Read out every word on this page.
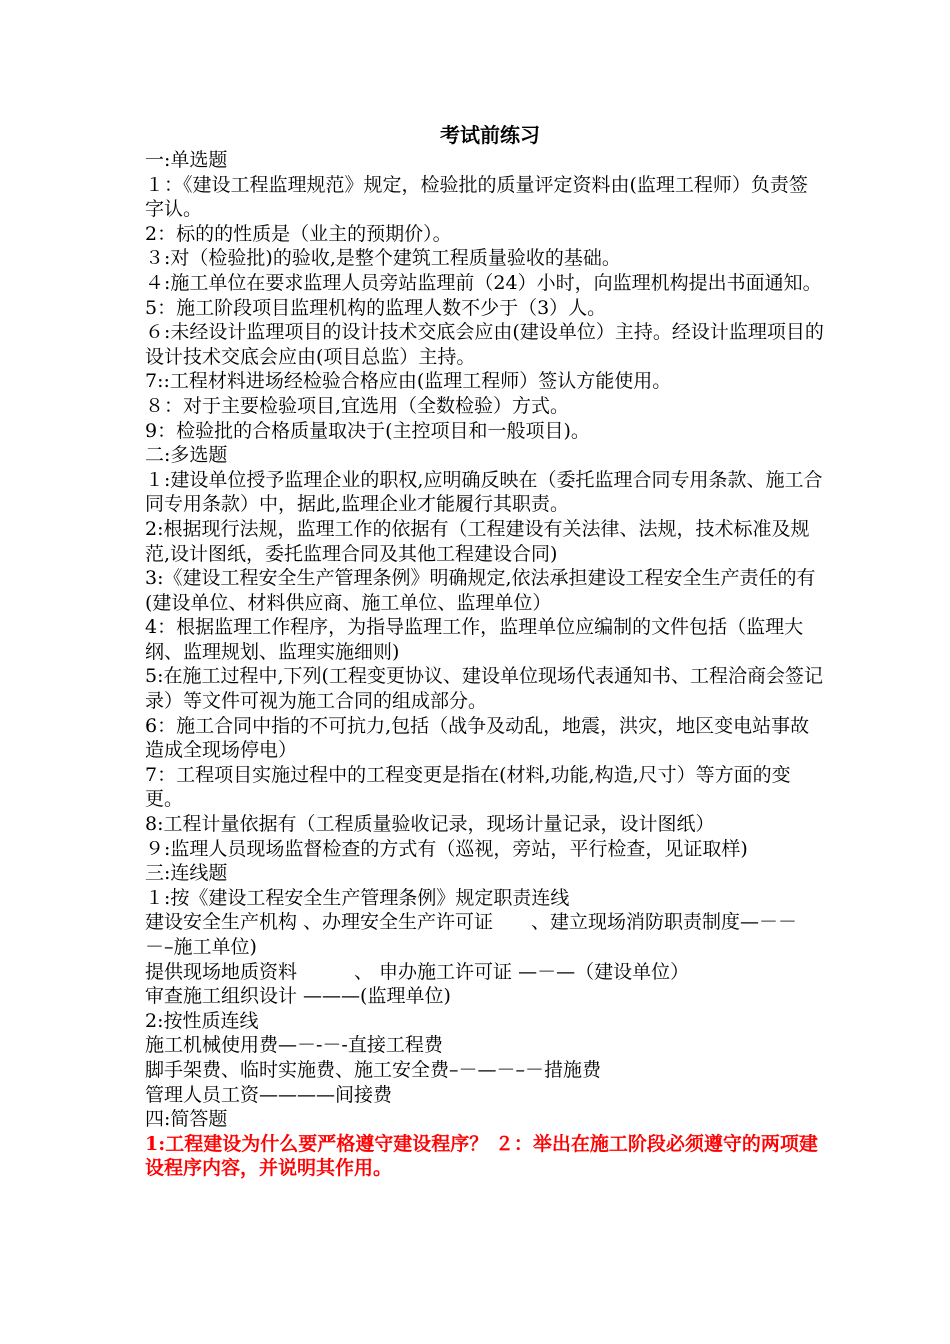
考试前练习
一:单选题
１：《建设工程监理规范》规定，检验批的质量评定资料由(监理工程师）负责签字认。
2：标的的性质是（业主的预期价）。
３:对（检验批)的验收,是整个建筑工程质量验收的基础。
４:施工单位在要求监理人员旁站监理前（24）小时，向监理机构提出书面通知。
5：施工阶段项目监理机构的监理人数不少于（3）人。
６:未经设计监理项目的设计技术交底会应由(建设单位）主持。经设计监理项目的设计技术交底会应由(项目总监）主持。
7::工程材料进场经检验合格应由(监理工程师）签认方能使用。
８：对于主要检验项目,宜选用（全数检验）方式。
9：检验批的合格质量取决于(主控项目和一般项目)。
二:多选题
１:建设单位授予监理企业的职权,应明确反映在（委托监理合同专用条款、施工合同专用条款）中，据此,监理企业才能履行其职责。
2:根据现行法规，监理工作的依据有（工程建设有关法律、法规，技术标准及规范,设计图纸，委托监理合同及其他工程建设合同)
3:《建设工程安全生产管理条例》明确规定,依法承担建设工程安全生产责任的有(建设单位、材料供应商、施工单位、监理单位）
4：根据监理工作程序，为指导监理工作，监理单位应编制的文件包括（监理大纲、监理规划、监理实施细则)
5:在施工过程中,下列(工程变更协议、建设单位现场代表通知书、工程洽商会签记录）等文件可视为施工合同的组成部分。
6：施工合同中指的不可抗力,包括（战争及动乱，地震，洪灾，地区变电站事故造成全现场停电）
7：工程项目实施过程中的工程变更是指在(材料,功能,构造,尺寸）等方面的变更。
8:工程计量依据有（工程质量验收记录，现场计量记录，设计图纸）
９:监理人员现场监督检查的方式有（巡视，旁站，平行检查，见证取样)
三:连线题
１:按《建设工程安全生产管理条例》规定职责连线
建设安全生产机构 、办理安全生产许可证　　、建立现场消防职责制度—－－－–施工单位)
提供现场地质资料　　　、 申办施工许可证 —－—（建设单位）
审查施工组织设计 ———(监理单位)
2:按性质连线
施工机械使用费—－-－-直接工程费
脚手架费、临时实施费、施工安全费–－—－–－措施费
管理人员工资————间接费
四:简答题
1:工程建设为什么要严格遵守建设程序？ ２：举出在施工阶段必须遵守的两项建设程序内容，并说明其作用。
